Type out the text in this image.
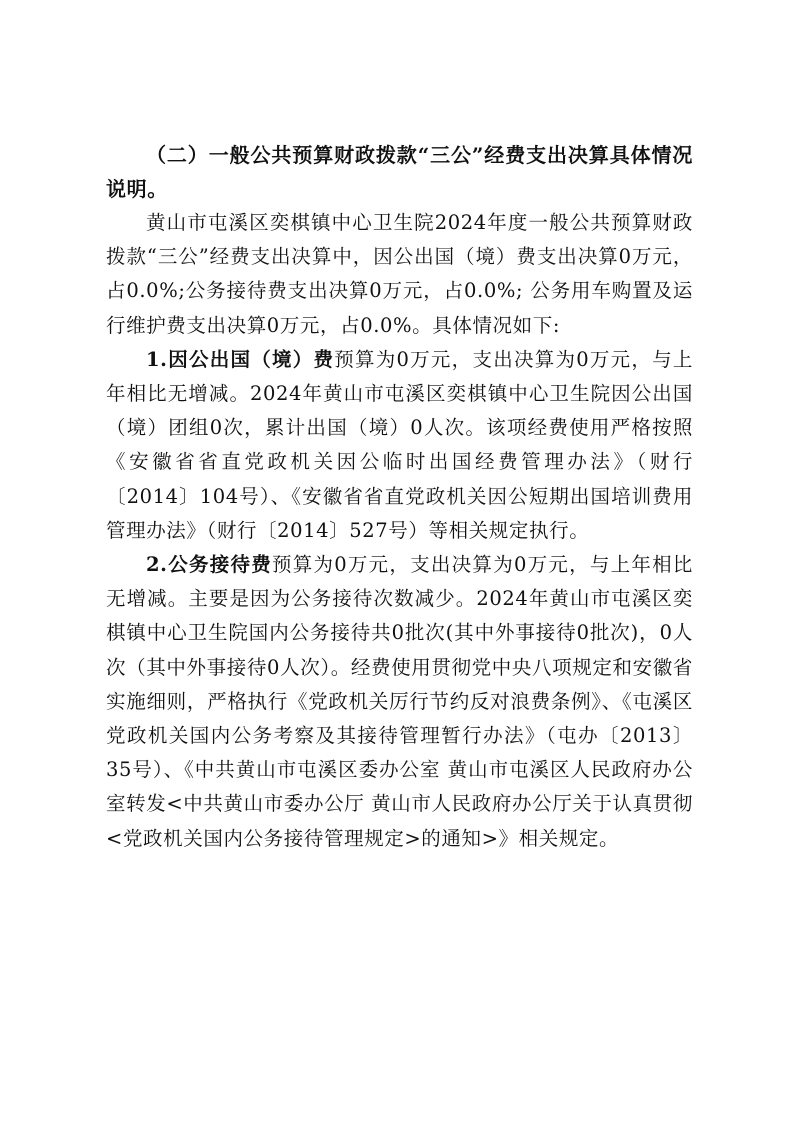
（二）一般公共预算财政拨款“三公”经费支出决算具体情况说明。

黄山市屯溪区奕棋镇中心卫生院2024年度一般公共预算财政拨款“三公”经费支出决算中，因公出国（境）费支出决算0万元，占0.0%;公务接待费支出决算0万元，占0.0%; 公务用车购置及运行维护费支出决算0万元，占0.0%。具体情况如下:

1.因公出国（境）费预算为0万元，支出决算为0万元，与上年相比无增减。2024年黄山市屯溪区奕棋镇中心卫生院因公出国（境）团组0次，累计出国（境）0人次。该项经费使用严格按照《安徽省省直党政机关因公临时出国经费管理办法》（财行〔2014〕104号）、《安徽省省直党政机关因公短期出国培训费用管理办法》（财行〔2014〕527号）等相关规定执行。

2.公务接待费预算为0万元，支出决算为0万元，与上年相比无增减。主要是因为公务接待次数减少。2024年黄山市屯溪区奕棋镇中心卫生院国内公务接待共0批次(其中外事接待0批次)，0人次（其中外事接待0人次）。经费使用贯彻党中央八项规定和安徽省实施细则，严格执行《党政机关厉行节约反对浪费条例》、《屯溪区党政机关国内公务考察及其接待管理暂行办法》（屯办〔2013〕35号）、《中共黄山市屯溪区委办公室 黄山市屯溪区人民政府办公室转发<中共黄山市委办公厅 黄山市人民政府办公厅关于认真贯彻<党政机关国内公务接待管理规定>的通知>》相关规定。
